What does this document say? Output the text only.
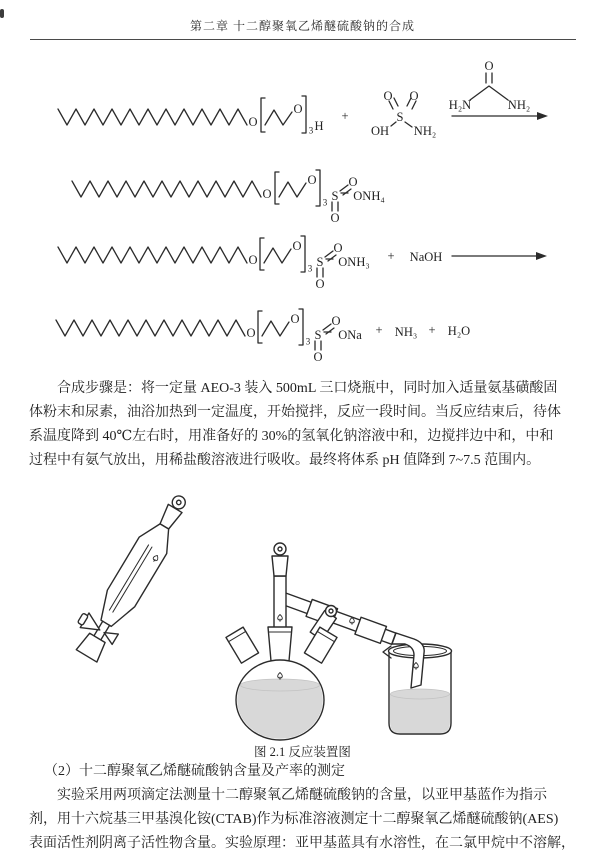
第二章 十二醇聚氧乙烯醚硫酸钠的合成
O
O
3 H
+	S
O O
OH NH₂
O
H₂N	NH₂
O
O
3 S
O
ONH₄
O
O
O
3 S
O
ONH₃
O
+ NaOH
O
O
3 S
O
ONa
O
+ NH₃ + H₂O
合成步骤是：将一定量 AEO-3 装入 500mL 三口烧瓶中，同时加入适量氨基磺酸固
体粉末和尿素，油浴加热到一定温度，开始搅拌，反应一段时间。当反应结束后，待体
系温度降到 40℃左右时，用准备好的 30%的氢氧化钠溶液中和，边搅拌边中和，中和
过程中有氨气放出，用稀盐酸溶液进行吸收。最终将体系 pH 值降到 7~7.5 范围内。
图 2.1 反应装置图
（2）十二醇聚氧乙烯醚硫酸钠含量及产率的测定
实验采用两项滴定法测量十二醇聚氧乙烯醚硫酸钠的含量，以亚甲基蓝作为指示
剂，用十六烷基三甲基溴化铵(CTAB)作为标准溶液测定十二醇聚氧乙烯醚硫酸钠(AES)
表面活性剂阴离子活性物含量。实验原理：亚甲基蓝具有水溶性，在二氯甲烷中不溶解，
